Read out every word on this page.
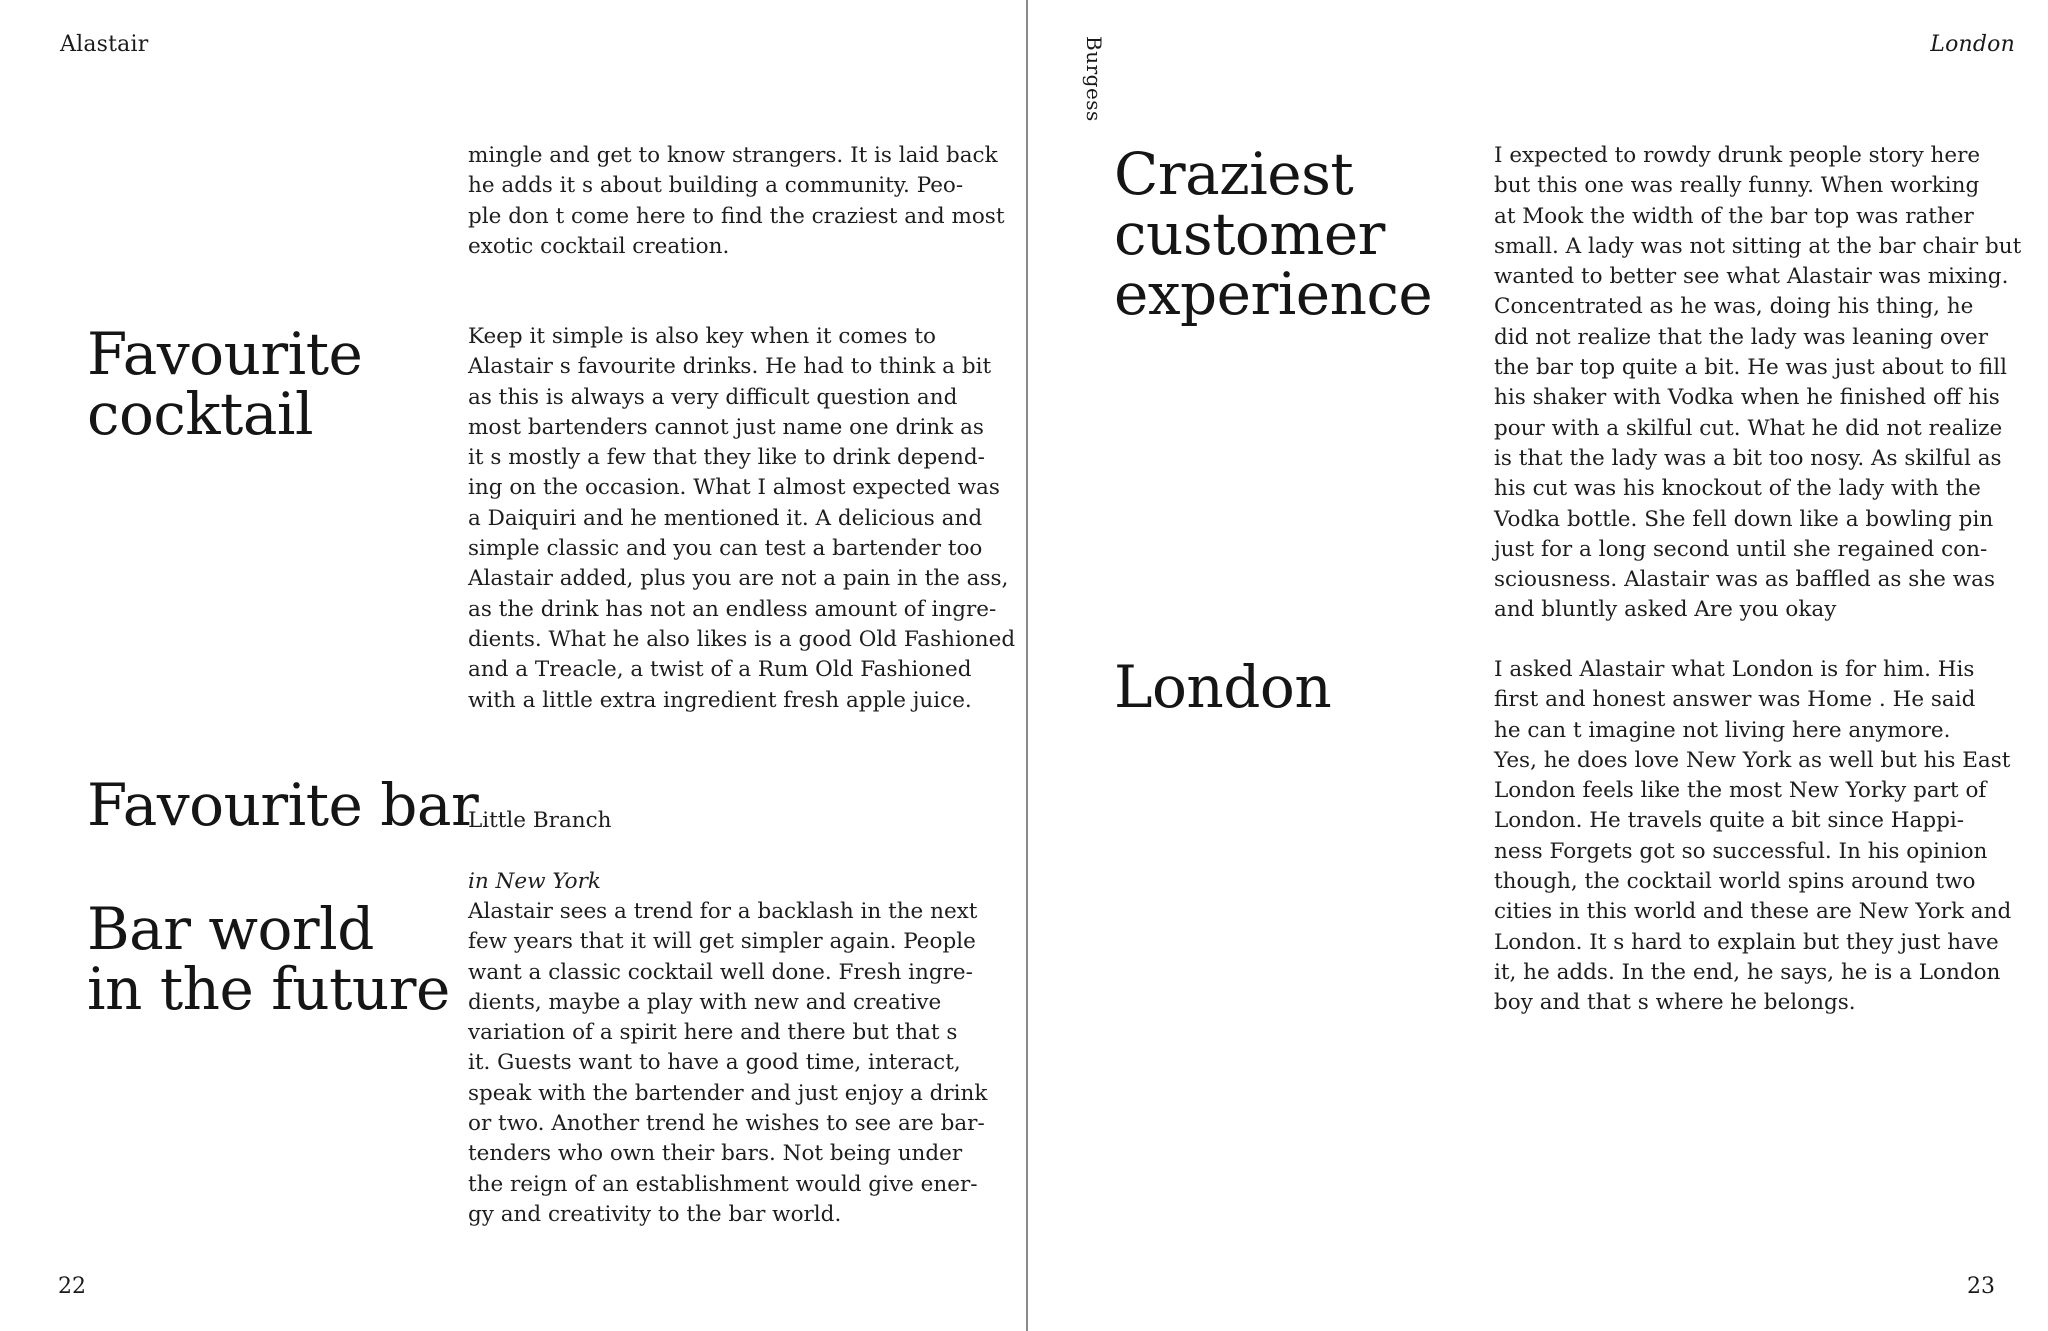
Alastair
mingle and get to know strangers. It is laid back
he adds it s about building a community. Peo-
ple don t come here to find the craziest and most
exotic cocktail creation.
Favourite
cocktail
Keep it simple is also key when it comes to
Alastair s favourite drinks. He had to think a bit
as this is always a very difficult question and
most bartenders cannot just name one drink as
it s mostly a few that they like to drink depend-
ing on the occasion. What I almost expected was
a Daiquiri and he mentioned it. A delicious and
simple classic and you can test a bartender too
Alastair added, plus you are not a pain in the ass,
as the drink has not an endless amount of ingre-
dients. What he also likes is a good Old Fashioned
and a Treacle, a twist of a Rum Old Fashioned
with a little extra ingredient fresh apple juice.
Favourite bar

Little Branch

in New York

Bar world
in the future
Alastair sees a trend for a backlash in the next
few years that it will get simpler again. People
want a classic cocktail well done. Fresh ingre-
dients, maybe a play with new and creative
variation of a spirit here and there but that s
it. Guests want to have a good time, interact,
speak with the bartender and just enjoy a drink
or two. Another trend he wishes to see are bar-
tenders who own their bars. Not being under
the reign of an establishment would give ener-
gy and creativity to the bar world.
22
Burgess	London
Craziest
customer
experience
I expected to rowdy drunk people story here
but this one was really funny. When working
at Mook the width of the bar top was rather
small. A lady was not sitting at the bar chair but
wanted to better see what Alastair was mixing.
Concentrated as he was, doing his thing, he
did not realize that the lady was leaning over
the bar top quite a bit. He was just about to fill
his shaker with Vodka when he finished off his
pour with a skilful cut. What he did not realize
is that the lady was a bit too nosy. As skilful as
his cut was his knockout of the lady with the
Vodka bottle. She fell down like a bowling pin
just for a long second until she regained con-
sciousness. Alastair was as baffled as she was
and bluntly asked Are you okay
London	I asked Alastair what London is for him. His
first and honest answer was Home . He said
he can t imagine not living here anymore.
Yes, he does love New York as well but his East
London feels like the most New Yorky part of
London. He travels quite a bit since Happi-
ness Forgets got so successful. In his opinion
though, the cocktail world spins around two
cities in this world and these are New York and
London. It s hard to explain but they just have
it, he adds. In the end, he says, he is a London
boy and that s where he belongs.
23
